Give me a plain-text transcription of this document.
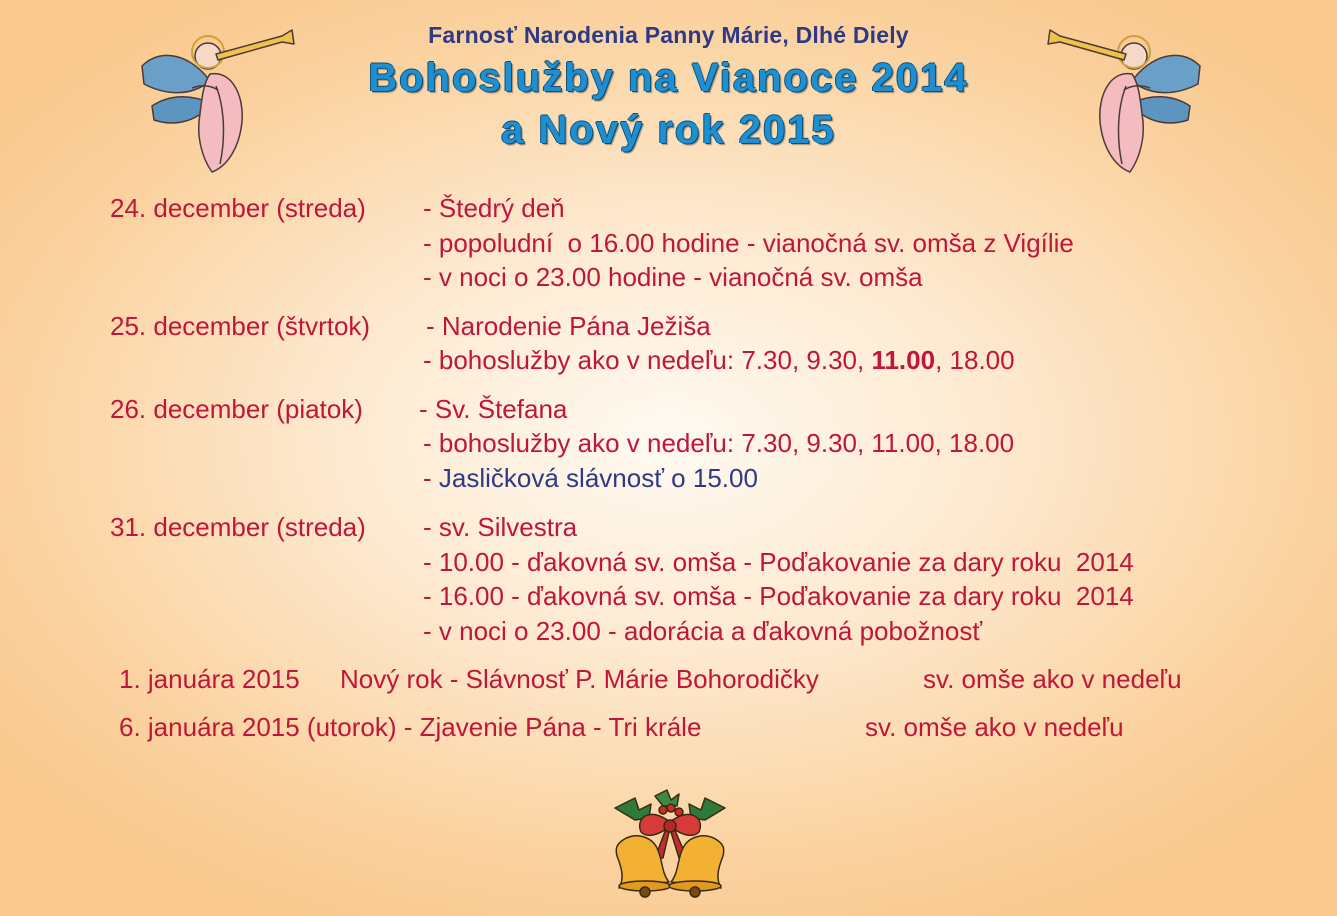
Farnosť Narodenia Panny Márie, Dlhé Diely
Bohoslužby na Vianoce 2014
a Nový rok 2015
24. december (streda) - Štedrý deň
- popoludní  o 16.00 hodine - vianočná sv. omša z Vigílie
- v noci o 23.00 hodine - vianočná sv. omša
25. december (štvrtok) - Narodenie Pána Ježiša
- bohoslužby ako v nedeľu: 7.30, 9.30, 11.00, 18.00
26. december (piatok) - Sv. Štefana
- bohoslužby ako v nedeľu: 7.30, 9.30, 11.00, 18.00
- Jasličková slávnosť o 15.00
31. december (streda) - sv. Silvestra
- 10.00 - ďakovná sv. omša - Poďakovanie za dary roku  2014
- 16.00 - ďakovná sv. omša - Poďakovanie za dary roku  2014
- v noci o 23.00 - adorácia a ďakovná pobožnosť
1. januára 2015 Nový rok - Slávnosť P. Márie Bohorodičky	sv. omše ako v nedeľu
6. januára 2015 (utorok) - Zjavenie Pána - Tri krále	sv. omše ako v nedeľu
